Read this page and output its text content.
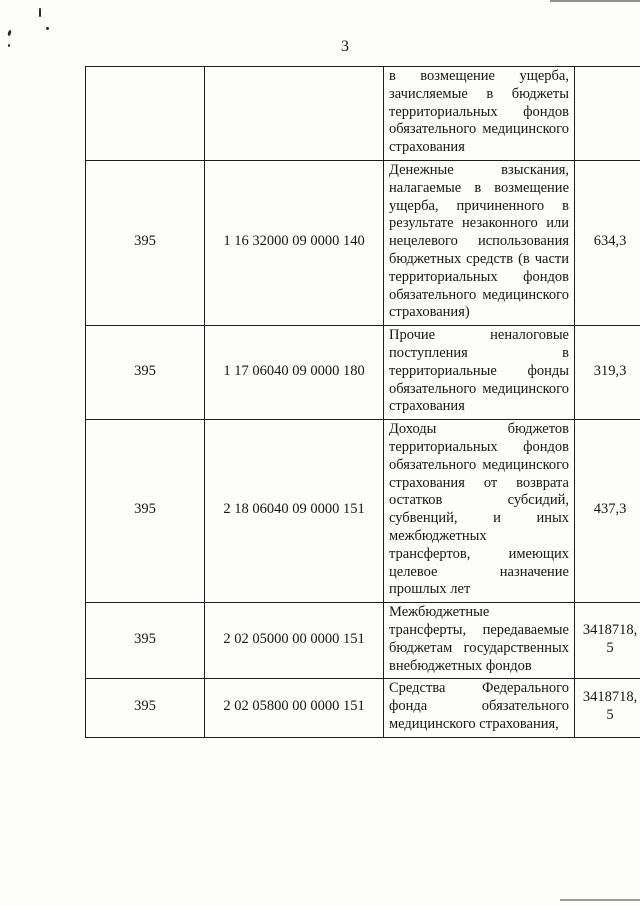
3
		в возмещение ущерба, зачисляемые в бюджеты территориальных фондов обязательного медицинского страхования	
395	1 16 32000 09 0000 140	Денежные взыскания, налагаемые в возмещение ущерба, причиненного в результате незаконного или нецелевого использования бюджетных средств (в части территориальных фондов обязательного медицинского страхования)	634,3
395	1 17 06040 09 0000 180	Прочие неналоговые поступления в территориальные фонды обязательного медицинского страхования	319,3
395	2 18 06040 09 0000 151	Доходы бюджетов территориальных фондов обязательного медицинского страхования от возврата остатков субсидий, субвенций, и иных межбюджетных трансфертов, имеющих целевое назначение прошлых лет	437,3
395	2 02 05000 00 0000 151	Межбюджетные трансферты, передаваемые бюджетам государственных внебюджетных фондов	3418718,5
395	2 02 05800 00 0000 151	Средства Федерального фонда обязательного медицинского страхования,	3418718,5
